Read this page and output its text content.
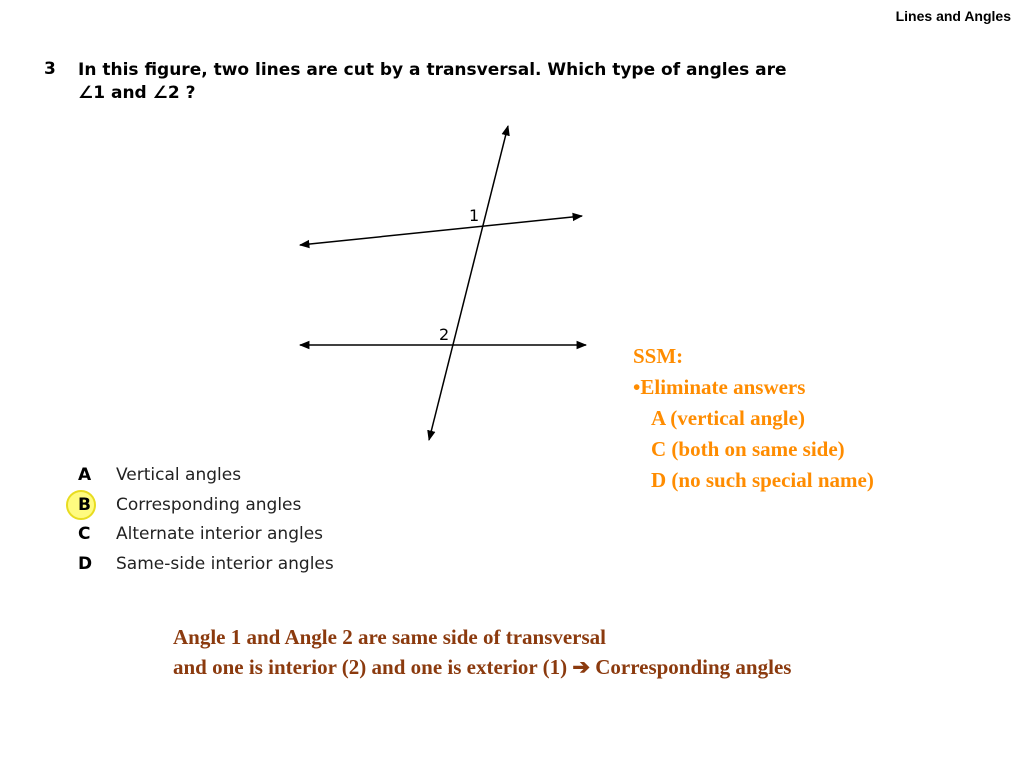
Lines and Angles
3 In this figure, two lines are cut by a transversal. Which type of angles are
∠1 and ∠2 ?
1
2
A Vertical angles
B Corresponding angles
C Alternate interior angles
D Same-side interior angles
SSM:
•Eliminate answers
A (vertical angle)
C (both on same side)
D (no such special name)
Angle 1 and Angle 2 are same side of transversal
and one is interior (2) and one is exterior (1) ➔ Corresponding angles
